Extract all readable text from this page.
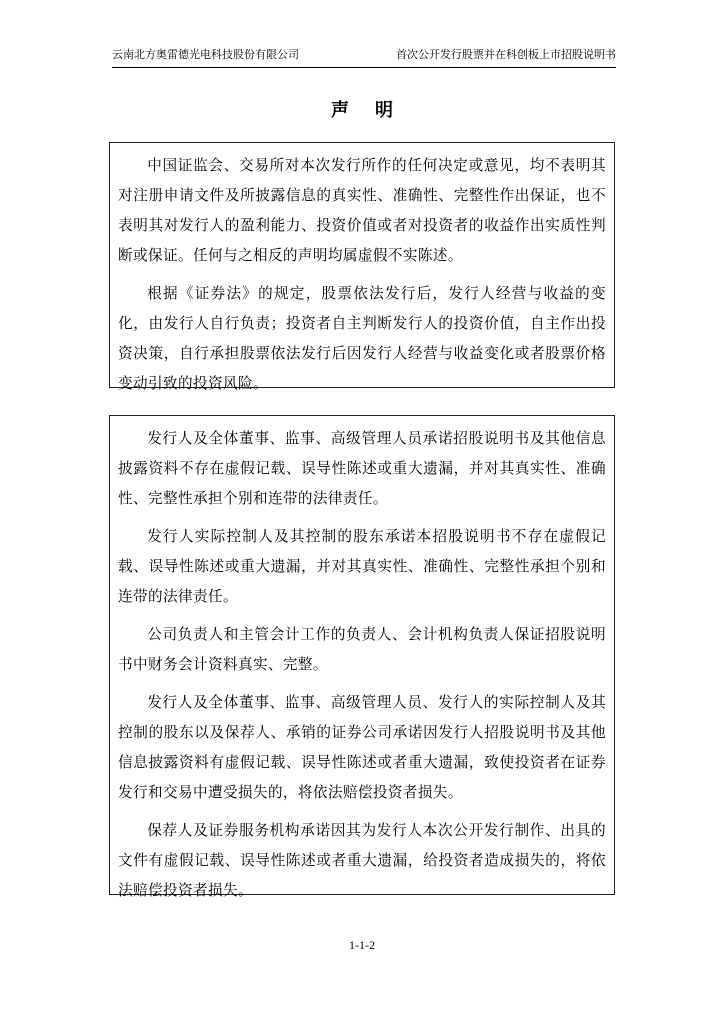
云南北方奥雷德光电科技股份有限公司	首次公开发行股票并在科创板上市招股说明书
声明

中国证监会、交易所对本次发行所作的任何决定或意见，均不表明其对注册申请文件及所披露信息的真实性、准确性、完整性作出保证，也不表明其对发行人的盈利能力、投资价值或者对投资者的收益作出实质性判断或保证。任何与之相反的声明均属虚假不实陈述。

根据《证券法》的规定，股票依法发行后，发行人经营与收益的变化，由发行人自行负责；投资者自主判断发行人的投资价值，自主作出投资决策，自行承担股票依法发行后因发行人经营与收益变化或者股票价格变动引致的投资风险。

发行人及全体董事、监事、高级管理人员承诺招股说明书及其他信息披露资料不存在虚假记载、误导性陈述或重大遗漏，并对其真实性、准确性、完整性承担个别和连带的法律责任。

发行人实际控制人及其控制的股东承诺本招股说明书不存在虚假记载、误导性陈述或重大遗漏，并对其真实性、准确性、完整性承担个别和连带的法律责任。

公司负责人和主管会计工作的负责人、会计机构负责人保证招股说明书中财务会计资料真实、完整。

发行人及全体董事、监事、高级管理人员、发行人的实际控制人及其控制的股东以及保荐人、承销的证券公司承诺因发行人招股说明书及其他信息披露资料有虚假记载、误导性陈述或者重大遗漏，致使投资者在证券发行和交易中遭受损失的，将依法赔偿投资者损失。

保荐人及证券服务机构承诺因其为发行人本次公开发行制作、出具的文件有虚假记载、误导性陈述或者重大遗漏，给投资者造成损失的，将依法赔偿投资者损失。

1-1-2
